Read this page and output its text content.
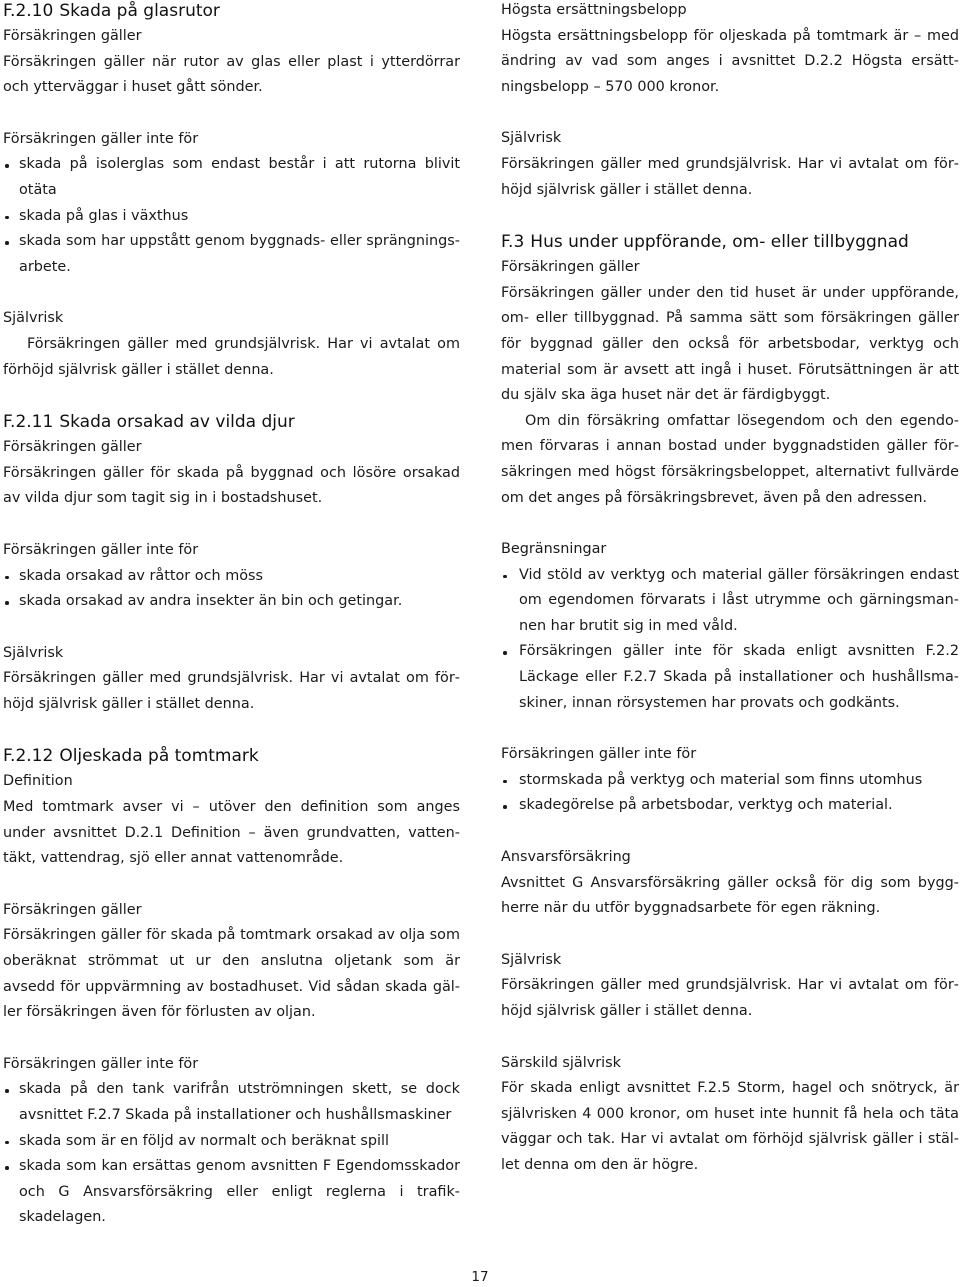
F.2.10 Skada på glasrutor
Försäkringen gäller

Försäkringen gäller när rutor av glas eller plast i ytterdörrar och ytterväggar i huset gått sönder.

Försäkringen gäller inte för
skada på isolerglas som endast består i att rutorna blivit otäta
skada på glas i växthus
skada som har uppstått genom byggnads- eller sprängningsarbete.
Självrisk

Försäkringen gäller med grundsjälvrisk. Har vi avtalat om förhöjd självrisk gäller i stället denna.

F.2.11 Skada orsakad av vilda djur
Försäkringen gäller

Försäkringen gäller för skada på byggnad och lösöre orsakad av vilda djur som tagit sig in i bostadshuset.

Försäkringen gäller inte för
skada orsakad av råttor och möss
skada orsakad av andra insekter än bin och getingar.
Självrisk

Försäkringen gäller med grundsjälvrisk. Har vi avtalat om förhöjd självrisk gäller i stället denna.

F.2.12 Oljeskada på tomtmark
Definition

Med tomtmark avser vi – utöver den definition som anges under avsnittet D.2.1 Definition – även grundvatten, vattentäkt, vattendrag, sjö eller annat vattenområde.

Försäkringen gäller

Försäkringen gäller för skada på tomtmark orsakad av olja som oberäknat strömmat ut ur den anslutna oljetank som är avsedd för uppvärmning av bostadhuset. Vid sådan skada gäller försäkringen även för förlusten av oljan.

Försäkringen gäller inte för
skada på den tank varifrån utströmningen skett, se dock avsnittet F.2.7 Skada på installationer och hushållsmaskiner
skada som är en följd av normalt och beräknat spill
skada som kan ersättas genom avsnitten F Egendomsskador och G Ansvarsförsäkring eller enligt reglerna i trafikskadelagen.
Högsta ersättningsbelopp

Högsta ersättningsbelopp för oljeskada på tomtmark är – med ändring av vad som anges i avsnittet D.2.2 Högsta ersättningsbelopp – 570 000 kronor.

Självrisk

Försäkringen gäller med grundsjälvrisk. Har vi avtalat om förhöjd självrisk gäller i stället denna.

F.3 Hus under uppförande, om- eller tillbyggnad
Försäkringen gäller

Försäkringen gäller under den tid huset är under uppförande, om- eller tillbyggnad. På samma sätt som försäkringen gäller för byggnad gäller den också för arbetsbodar, verktyg och material som är avsett att ingå i huset. Förutsättningen är att du själv ska äga huset när det är färdigbyggt.

Om din försäkring omfattar lösegendom och den egendomen förvaras i annan bostad under byggnadstiden gäller försäkringen med högst försäkringsbeloppet, alternativt fullvärde om det anges på försäkringsbrevet, även på den adressen.

Begränsningar
Vid stöld av verktyg och material gäller försäkringen endast om egendomen förvarats i låst utrymme och gärningsmannen har brutit sig in med våld.
Försäkringen gäller inte för skada enligt avsnitten F.2.2 Läckage eller F.2.7 Skada på installationer och hushållsmaskiner, innan rörsystemen har provats och godkänts.
Försäkringen gäller inte för
stormskada på verktyg och material som finns utomhus
skadegörelse på arbetsbodar, verktyg och material.
Ansvarsförsäkring

Avsnittet G Ansvarsförsäkring gäller också för dig som byggherre när du utför byggnadsarbete för egen räkning.

Självrisk

Försäkringen gäller med grundsjälvrisk. Har vi avtalat om förhöjd självrisk gäller i stället denna.

Särskild självrisk

För skada enligt avsnittet F.2.5 Storm, hagel och snötryck, är självrisken 4 000 kronor, om huset inte hunnit få hela och täta väggar och tak. Har vi avtalat om förhöjd självrisk gäller i stället denna om den är högre.

17
